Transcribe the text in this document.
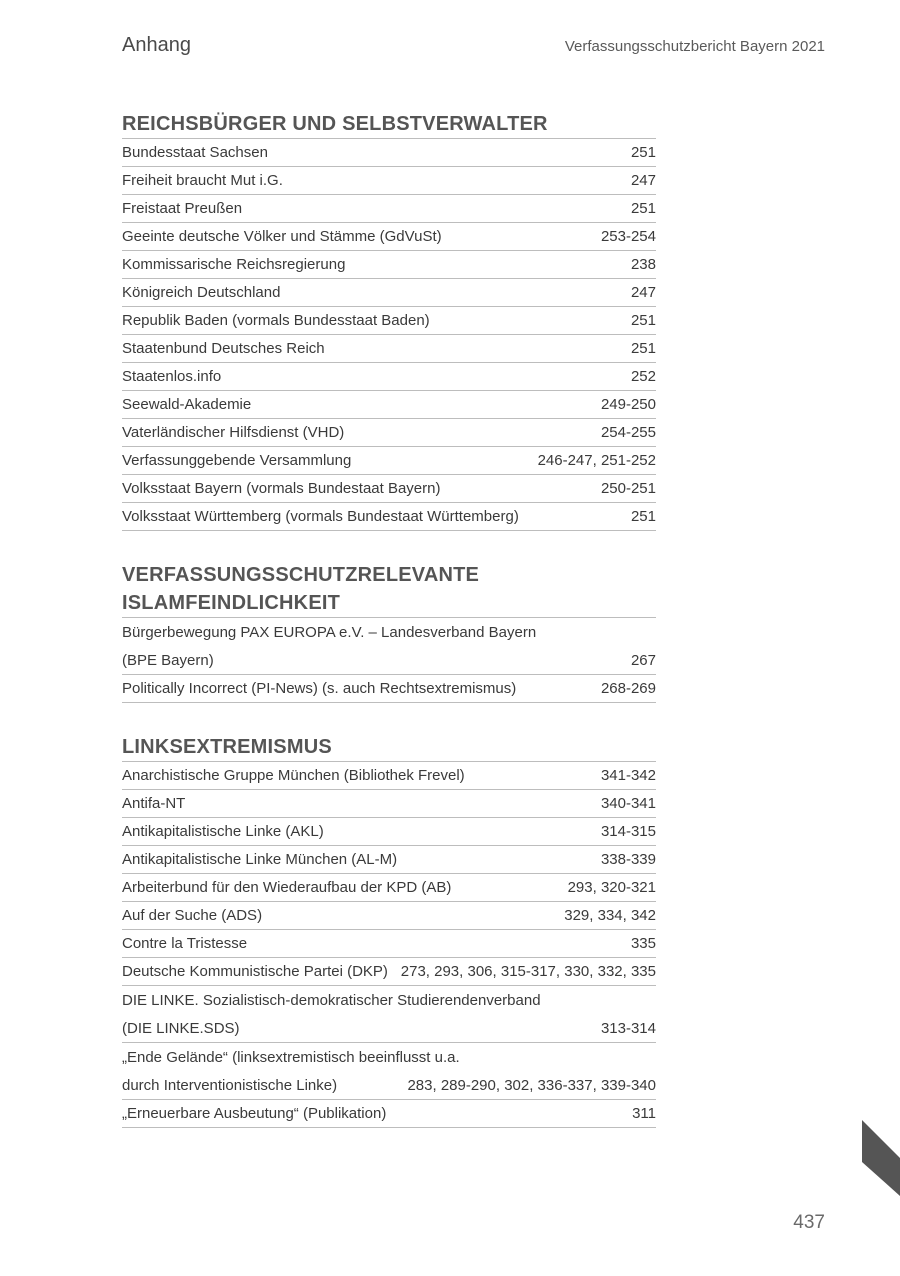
Anhang	Verfassungsschutzbericht Bayern 2021
REICHSBÜRGER UND SELBSTVERWALTER
Bundesstaat Sachsen	251
Freiheit braucht Mut i.G.	247
Freistaat Preußen	251
Geeinte deutsche Völker und Stämme (GdVuSt)	253-254
Kommissarische Reichsregierung	238
Königreich Deutschland	247
Republik Baden (vormals Bundesstaat Baden)	251
Staatenbund Deutsches Reich	251
Staatenlos.info	252
Seewald-Akademie	249-250
Vaterländischer Hilfsdienst (VHD)	254-255
Verfassunggebende Versammlung	246-247, 251-252
Volksstaat Bayern (vormals Bundestaat Bayern)	250-251
Volksstaat Württemberg (vormals Bundestaat Württemberg)	251
VERFASSUNGSSCHUTZRELEVANTE
ISLAMFEINDLICHKEIT
Bürgerbewegung PAX EUROPA e.V. – Landesverband Bayern
(BPE Bayern)	267
Politically Incorrect (PI-News) (s. auch Rechtsextremismus)	268-269
LINKSEXTREMISMUS
Anarchistische Gruppe München (Bibliothek Frevel)	341-342
Antifa-NT	340-341
Antikapitalistische Linke (AKL)	314-315
Antikapitalistische Linke München (AL-M)	338-339
Arbeiterbund für den Wiederaufbau der KPD (AB)	293, 320-321
Auf der Suche (ADS)	329, 334, 342
Contre la Tristesse	335
Deutsche Kommunistische Partei (DKP) 273, 293, 306, 315-317, 330, 332, 335
DIE LINKE. Sozialistisch-demokratischer Studierendenverband
(DIE LINKE.SDS)	313-314
„Ende Gelände“ (linksextremistisch beeinflusst u.a.
durch Interventionistische Linke)	283, 289-290, 302, 336-337, 339-340
„Erneuerbare Ausbeutung“ (Publikation)	311
437
